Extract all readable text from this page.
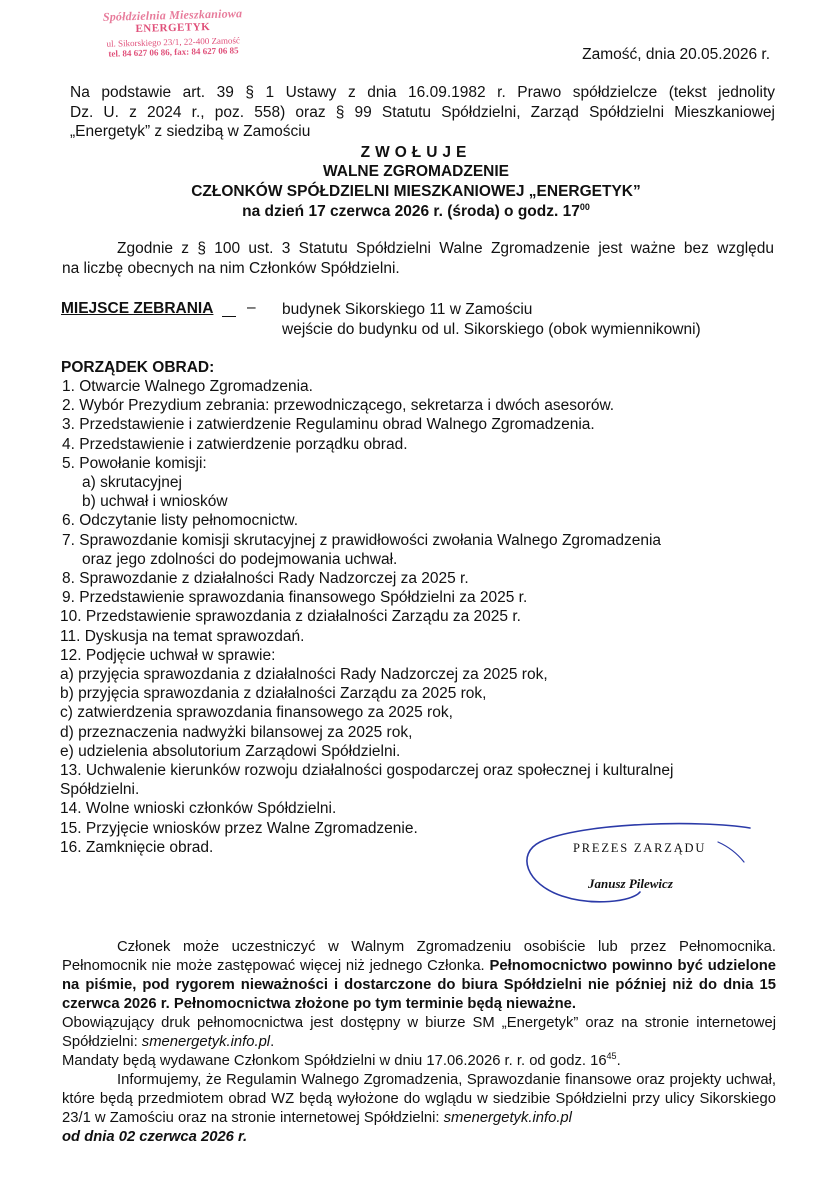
Spółdzielnia Mieszkaniowa
ENERGETYK
ul. Sikorskiego 23/1, 22-400 Zamość
tel. 84 627 06 86, fax: 84 627 06 85	Zamość, dnia 20.05.2026 r.
Na podstawie art. 39 § 1 Ustawy z dnia 16.09.1982 r. Prawo spółdzielcze (tekst jednolity
Dz. U. z 2024 r., poz. 558) oraz § 99 Statutu Spółdzielni, Zarząd Spółdzielni Mieszkaniowej
„Energetyk” z siedzibą w Zamościu
ZWOŁUJE
WALNE ZGROMADZENIE
CZŁONKÓW SPÓŁDZIELNI MIESZKANIOWEJ „ENERGETYK”
na dzień 17 czerwca 2026 r. (środa) o godz. $17^{00}$
Zgodnie z § 100 ust. 3 Statutu Spółdzielni Walne Zgromadzenie jest ważne bez względu
na liczbę obecnych na nim Członków Spółdzielni.
MIEJSCE ZEBRANIA – budynek Sikorskiego 11 w Zamościu
wejście do budynku od ul. Sikorskiego (obok wymiennikowni)
PORZĄDEK OBRAD:
1. Otwarcie Walnego Zgromadzenia.
2. Wybór Prezydium zebrania: przewodniczącego, sekretarza i dwóch asesorów.
3. Przedstawienie i zatwierdzenie Regulaminu obrad Walnego Zgromadzenia.
4. Przedstawienie i zatwierdzenie porządku obrad.
5. Powołanie komisji:
a) skrutacyjnej
b) uchwał i wniosków
6. Odczytanie listy pełnomocnictw.
7. Sprawozdanie komisji skrutacyjnej z prawidłowości zwołania Walnego Zgromadzenia
oraz jego zdolności do podejmowania uchwał.
8. Sprawozdanie z działalności Rady Nadzorczej za 2025 r.
9. Przedstawienie sprawozdania finansowego Spółdzielni za 2025 r.
10. Przedstawienie sprawozdania z działalności Zarządu za 2025 r.
11. Dyskusja na temat sprawozdań.
12. Podjęcie uchwał w sprawie:
a) przyjęcia sprawozdania z działalności Rady Nadzorczej za 2025 rok,
b) przyjęcia sprawozdania z działalności Zarządu za 2025 rok,
c) zatwierdzenia sprawozdania finansowego za 2025 rok,
d) przeznaczenia nadwyżki bilansowej za 2025 rok,
e) udzielenia absolutorium Zarządowi Spółdzielni.
13. Uchwalenie kierunków rozwoju działalności gospodarczej oraz społecznej i kulturalnej
Spółdzielni.
14. Wolne wnioski członków Spółdzielni.
15. Przyjęcie wniosków przez Walne Zgromadzenie.
16. Zamknięcie obrad.	PREZES ZARZĄDU
Janusz Pilewicz
Członek może uczestniczyć w Walnym Zgromadzeniu osobiście lub przez Pełnomocnika. Pełnomocnik nie może zastępować więcej niż jednego Członka. Pełnomocnictwo powinno być udzielone na piśmie, pod rygorem nieważności i dostarczone do biura Spółdzielni nie później niż do dnia 15 czerwca 2026 r. Pełnomocnictwa złożone po tym terminie będą nieważne.
Obowiązujący druk pełnomocnictwa jest dostępny w biurze SM „Energetyk” oraz na stronie internetowej Spółdzielni: smenergetyk.info.pl.
Mandaty będą wydawane Członkom Spółdzielni w dniu 17.06.2026 r. r. od godz. $16^{45}$.
Informujemy, że Regulamin Walnego Zgromadzenia, Sprawozdanie finansowe oraz projekty uchwał, które będą przedmiotem obrad WZ będą wyłożone do wglądu w siedzibie Spółdzielni przy ulicy Sikorskiego 23/1 w Zamościu oraz na stronie internetowej Spółdzielni: smenergetyk.info.pl
od dnia 02 czerwca 2026 r.
